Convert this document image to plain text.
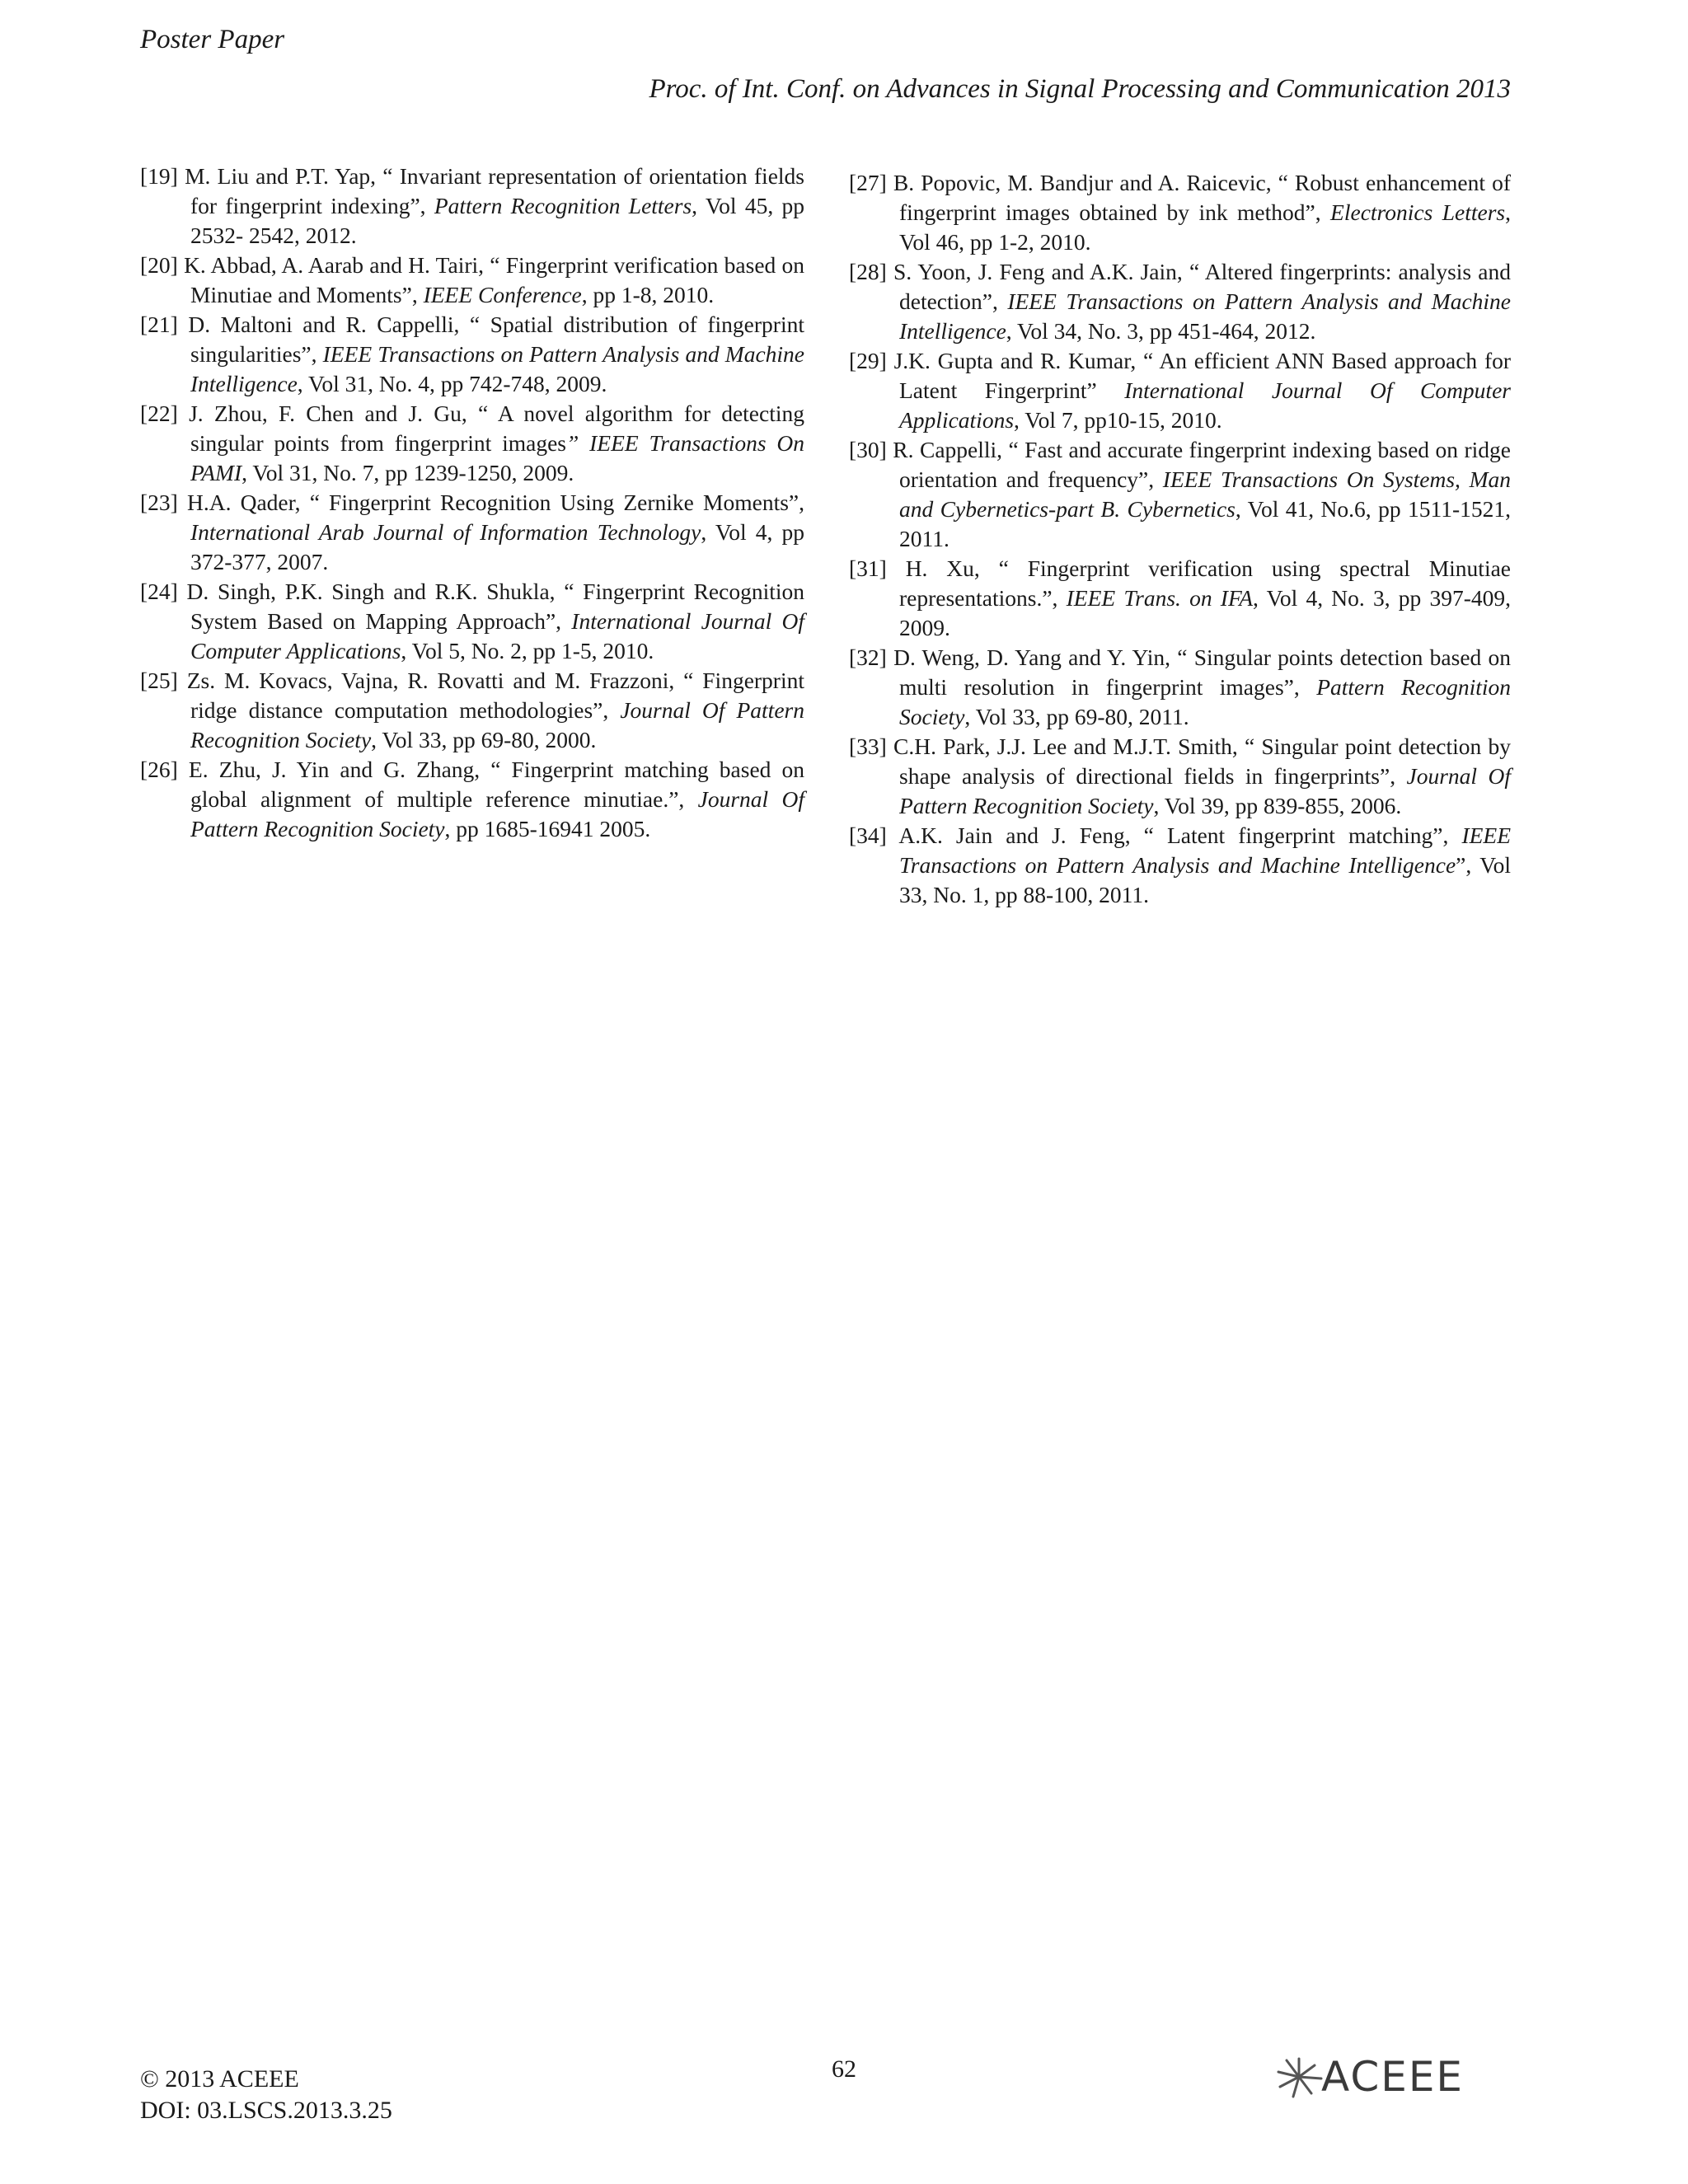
Poster Paper
Proc. of Int. Conf. on Advances in Signal Processing and Communication 2013

[19] M. Liu and P.T. Yap, “ Invariant representation of orientation fields for fingerprint indexing”, Pattern Recognition Letters, Vol 45, pp 2532- 2542, 2012.

[20] K. Abbad, A. Aarab and H. Tairi, “ Fingerprint verification based on Minutiae and Moments”, IEEE Conference, pp 1-8, 2010.

[21] D. Maltoni and R. Cappelli, “ Spatial distribution of fingerprint singularities”, IEEE Transactions on Pattern Analysis and Machine Intelligence, Vol 31, No. 4, pp 742-748, 2009.

[22] J. Zhou, F. Chen and J. Gu, “ A novel algorithm for detecting singular points from fingerprint images” IEEE Transactions On PAMI, Vol 31, No. 7, pp 1239-1250, 2009.

[23] H.A. Qader, “ Fingerprint Recognition Using Zernike Moments”, International Arab Journal of Information Technology, Vol 4, pp 372-377, 2007.

[24] D. Singh, P.K. Singh and R.K. Shukla, “ Fingerprint Recognition System Based on Mapping Approach”, International Journal Of Computer Applications, Vol 5, No. 2, pp 1-5, 2010.

[25] Zs. M. Kovacs, Vajna, R. Rovatti and M. Frazzoni, “ Fingerprint ridge distance computation methodologies”, Journal Of Pattern Recognition Society, Vol 33, pp 69-80, 2000.

[26] E. Zhu, J. Yin and G. Zhang, “ Fingerprint matching based on global alignment of multiple reference minutiae.”, Journal Of Pattern Recognition Society, pp 1685-16941 2005.

[27] B. Popovic, M. Bandjur and A. Raicevic, “ Robust enhancement of fingerprint images obtained by ink method”, Electronics Letters, Vol 46, pp 1-2, 2010.

[28] S. Yoon, J. Feng and A.K. Jain, “ Altered fingerprints: analysis and detection”, IEEE Transactions on Pattern Analysis and Machine Intelligence, Vol 34, No. 3, pp 451-464, 2012.

[29] J.K. Gupta and R. Kumar, “ An efficient ANN Based approach for Latent Fingerprint” International Journal Of Computer Applications, Vol 7, pp10-15, 2010.

[30] R. Cappelli, “ Fast and accurate fingerprint indexing based on ridge orientation and frequency”, IEEE Transactions On Systems, Man and Cybernetics-part B. Cybernetics, Vol 41, No.6, pp 1511-1521, 2011.

[31] H. Xu, “ Fingerprint verification using spectral Minutiae representations.”, IEEE Trans. on IFA, Vol 4, No. 3, pp 397-409, 2009.

[32] D. Weng, D. Yang and Y. Yin, “ Singular points detection based on multi resolution in fingerprint images”, Pattern Recognition Society, Vol 33, pp 69-80, 2011.

[33] C.H. Park, J.J. Lee and M.J.T. Smith, “ Singular point detection by shape analysis of directional fields in fingerprints”, Journal Of Pattern Recognition Society, Vol 39, pp 839-855, 2006.

[34] A.K. Jain and J. Feng, “ Latent fingerprint matching”, IEEE Transactions on Pattern Analysis and Machine Intelligence”, Vol 33, No. 1, pp 88-100, 2011.

62
© 2013 ACEEE
DOI: 03.LSCS.2013.3.25
ACEEE
